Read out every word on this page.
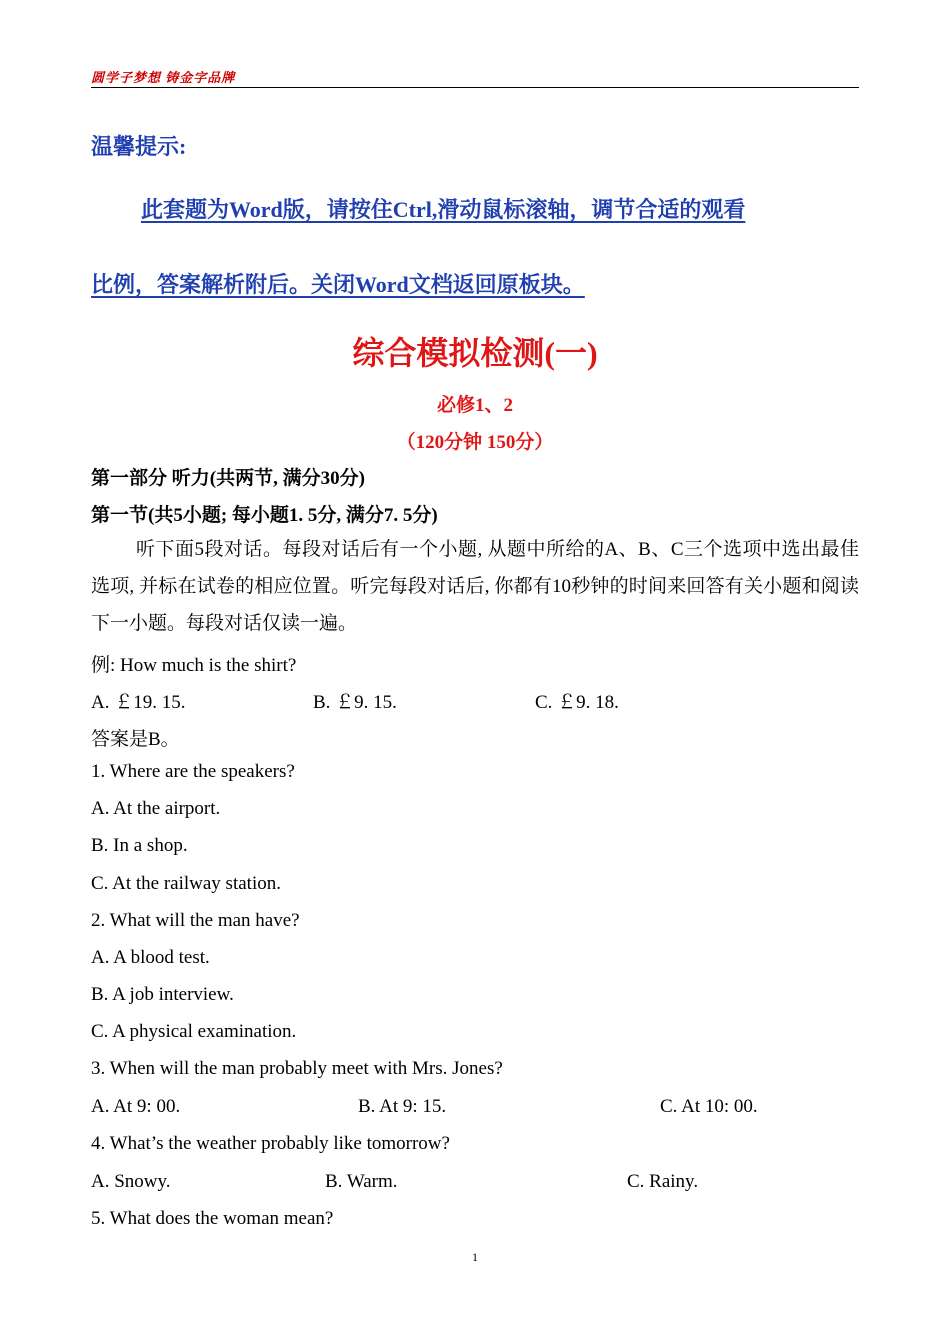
圆学子梦想 铸金字品牌
温馨提示:
此套题为Word版，请按住Ctrl,滑动鼠标滚轴，调节合适的观看
比例，答案解析附后。关闭Word文档返回原板块。
综合模拟检测(一)
必修1、2
（120分钟 150分）
第一部分 听力(共两节, 满分30分)
第一节(共5小题; 每小题1. 5分, 满分7. 5分)
听下面5段对话。每段对话后有一个小题, 从题中所给的A、B、C三个选项中选出最佳选项, 并标在试卷的相应位置。听完每段对话后, 你都有10秒钟的时间来回答有关小题和阅读下一小题。每段对话仅读一遍。
例: How much is the shirt?
A. ￡19. 15.	B. ￡9. 15.	C. ￡9. 18.
答案是B。
1. Where are the speakers?
A. At the airport.
B. In a shop.
C. At the railway station.
2. What will the man have?
A. A blood test.
B. A job interview.
C. A physical examination.
3. When will the man probably meet with Mrs. Jones?
A. At 9: 00.	B. At 9: 15.	C. At 10: 00.
4. What’s the weather probably like tomorrow?
A. Snowy.	B. Warm.	C. Rainy.
5. What does the woman mean?
1
